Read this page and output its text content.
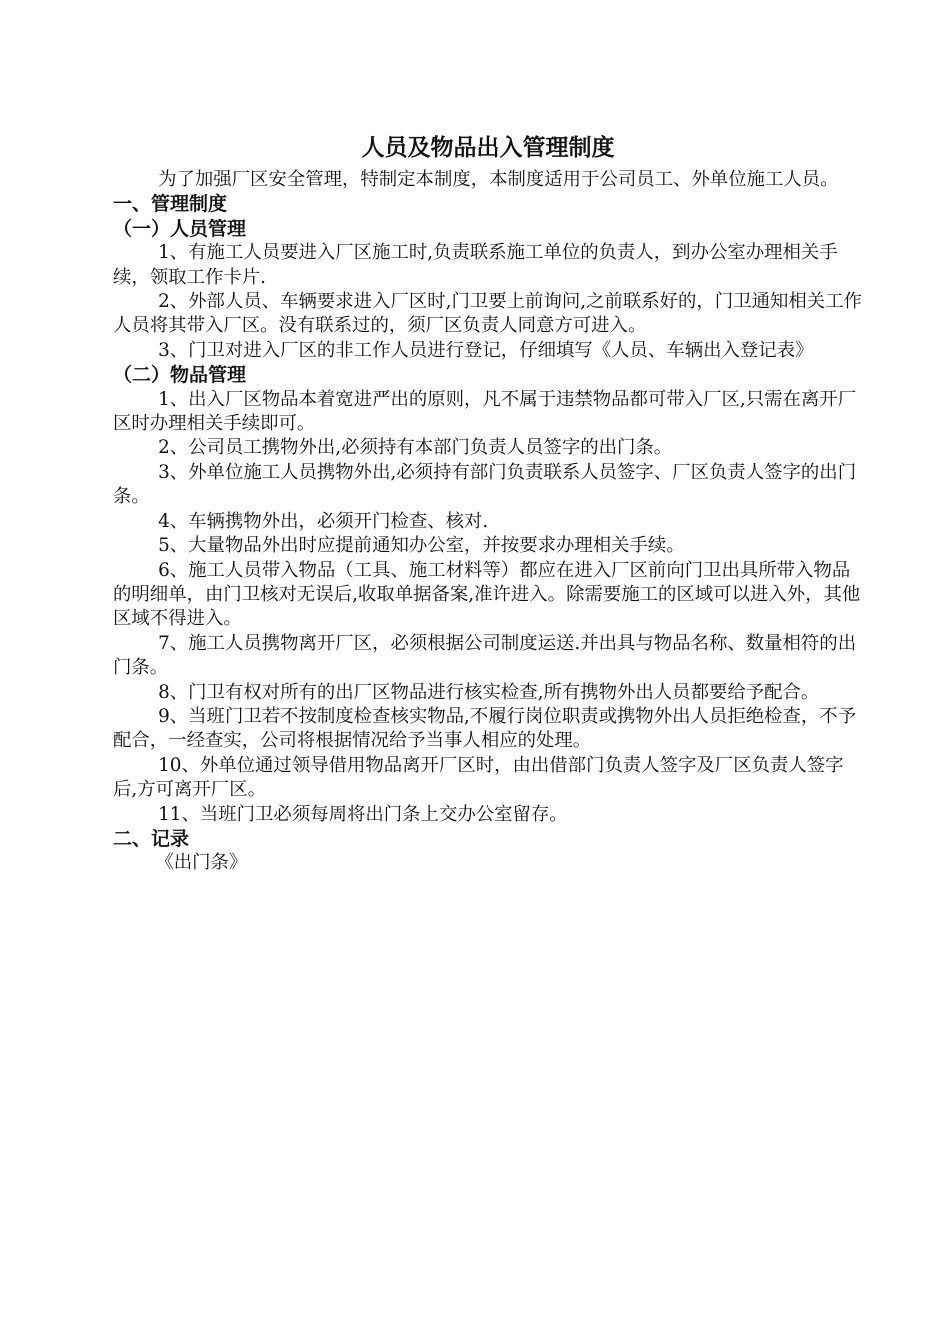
人员及物品出入管理制度

为了加强厂区安全管理，特制定本制度，本制度适用于公司员工、外单位施工人员。

一、管理制度

（一）人员管理

1、有施工人员要进入厂区施工时,负责联系施工单位的负责人，到办公室办理相关手续，领取工作卡片.

2、外部人员、车辆要求进入厂区时,门卫要上前询问,之前联系好的，门卫通知相关工作人员将其带入厂区。没有联系过的，须厂区负责人同意方可进入。

3、门卫对进入厂区的非工作人员进行登记，仔细填写《人员、车辆出入登记表》

（二）物品管理

1、出入厂区物品本着宽进严出的原则，凡不属于违禁物品都可带入厂区,只需在离开厂区时办理相关手续即可。

2、公司员工携物外出,必须持有本部门负责人员签字的出门条。

3、外单位施工人员携物外出,必须持有部门负责联系人员签字、厂区负责人签字的出门条。

4、车辆携物外出，必须开门检查、核对.

5、大量物品外出时应提前通知办公室，并按要求办理相关手续。

6、施工人员带入物品（工具、施工材料等）都应在进入厂区前向门卫出具所带入物品的明细单，由门卫核对无误后,收取单据备案,准许进入。除需要施工的区域可以进入外，其他区域不得进入。

7、施工人员携物离开厂区，必须根据公司制度运送.并出具与物品名称、数量相符的出门条。

8、门卫有权对所有的出厂区物品进行核实检查,所有携物外出人员都要给予配合。

9、当班门卫若不按制度检查核实物品,不履行岗位职责或携物外出人员拒绝检查，不予配合，一经查实，公司将根据情况给予当事人相应的处理。

10、外单位通过领导借用物品离开厂区时，由出借部门负责人签字及厂区负责人签字后,方可离开厂区。

11、当班门卫必须每周将出门条上交办公室留存。

二、记录

《出门条》
